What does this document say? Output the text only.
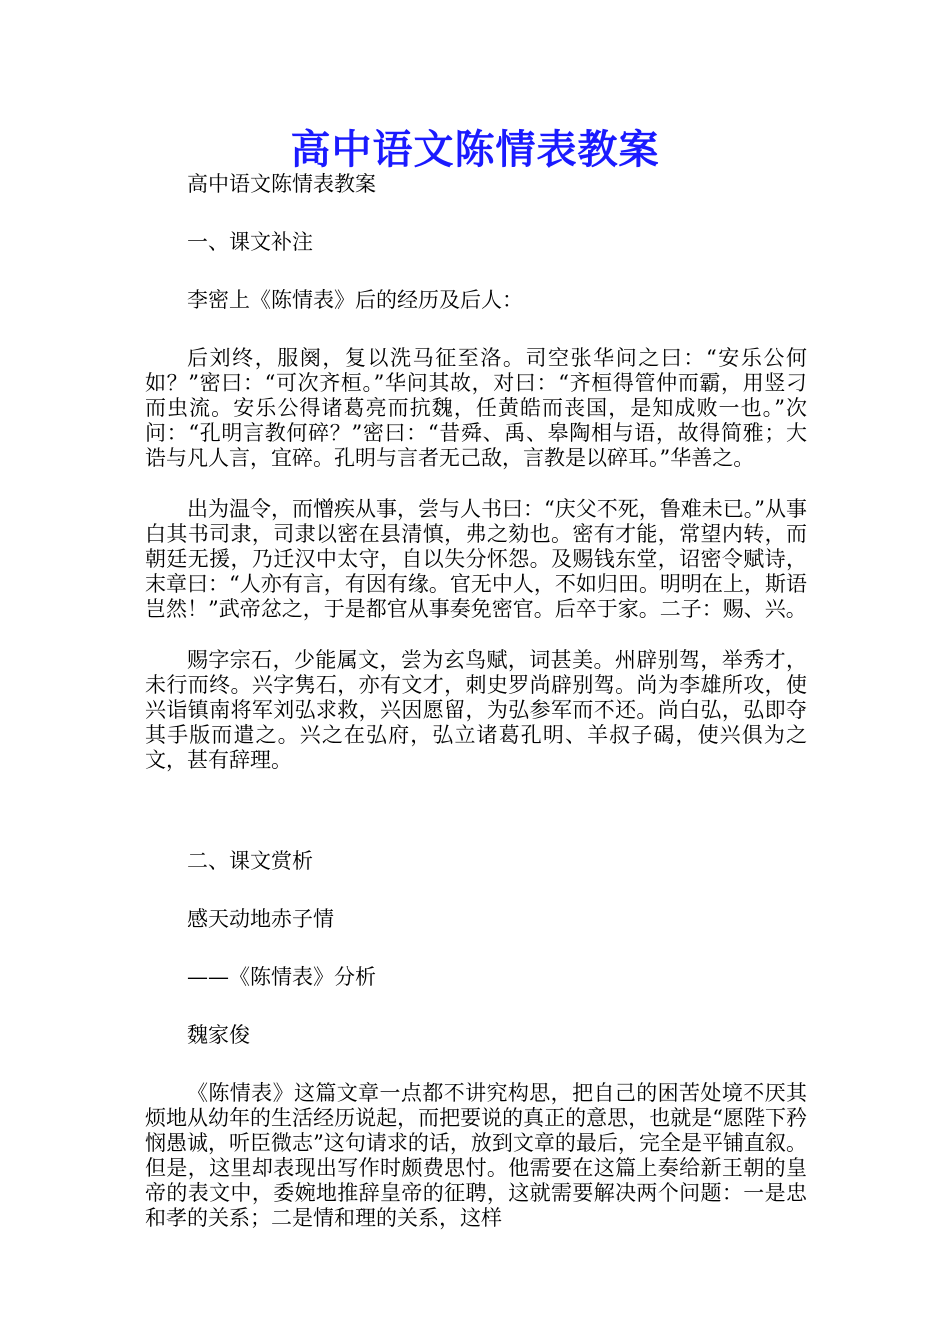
高中语文陈情表教案

高中语文陈情表教案

一、课文补注

李密上《陈情表》后的经历及后人：

后刘终，服阕，复以洗马征至洛。司空张华问之曰：“安乐公何如？”密曰：“可次齐桓。”华问其故，对曰：“齐桓得管仲而霸，用竖刁而虫流。安乐公得诸葛亮而抗魏，任黄皓而丧国，是知成败一也。”次问：“孔明言教何碎？”密曰：“昔舜、禹、皋陶相与语，故得简雅；大诰与凡人言，宜碎。孔明与言者无己敌，言教是以碎耳。”华善之。

出为温令，而憎疾从事，尝与人书曰：“庆父不死，鲁难未已。”从事白其书司隶，司隶以密在县清慎，弗之劾也。密有才能，常望内转，而朝廷无援，乃迁汉中太守，自以失分怀怨。及赐钱东堂，诏密令赋诗，末章曰：“人亦有言，有因有缘。官无中人，不如归田。明明在上，斯语岂然！”武帝忿之，于是都官从事奏免密官。后卒于家。二子：赐、兴。

赐字宗石，少能属文，尝为玄鸟赋，词甚美。州辟别驾，举秀才，未行而终。兴字隽石，亦有文才，刺史罗尚辟别驾。尚为李雄所攻，使兴诣镇南将军刘弘求救，兴因愿留，为弘参军而不还。尚白弘，弘即夺其手版而遣之。兴之在弘府，弘立诸葛孔明、羊叔子碣，使兴俱为之文，甚有辞理。

二、课文赏析

感天动地赤子情

——《陈情表》分析

魏家俊

《陈情表》这篇文章一点都不讲究构思，把自己的困苦处境不厌其烦地从幼年的生活经历说起，而把要说的真正的意思，也就是“愿陛下矜悯愚诚，听臣微志”这句请求的话，放到文章的最后，完全是平铺直叙。但是，这里却表现出写作时颇费思忖。他需要在这篇上奏给新王朝的皇帝的表文中，委婉地推辞皇帝的征聘，这就需要解决两个问题：一是忠和孝的关系；二是情和理的关系，这样
